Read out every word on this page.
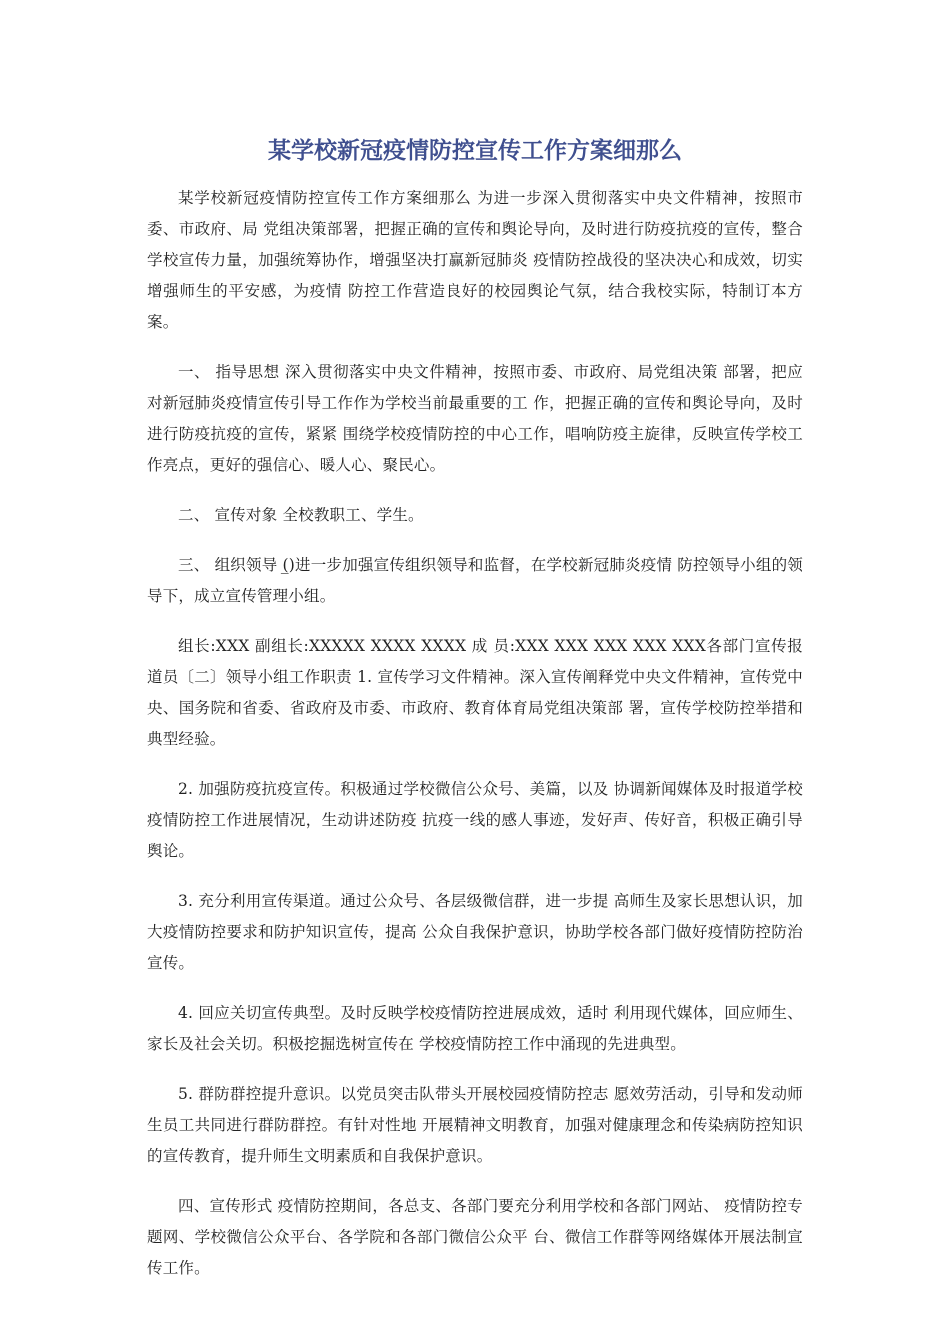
某学校新冠疫情防控宣传工作方案细那么

某学校新冠疫情防控宣传工作方案细那么 为进一步深入贯彻落实中央文件精神，按照市委、市政府、局 党组决策部署，把握正确的宣传和舆论导向，及时进行防疫抗疫的宣传，整合学校宣传力量，加强统筹协作，增强坚决打赢新冠肺炎 疫情防控战役的坚决决心和成效，切实增强师生的平安感，为疫情 防控工作营造良好的校园舆论气氛，结合我校实际，特制订本方案。

一、 指导思想 深入贯彻落实中央文件精神，按照市委、市政府、局党组决策 部署，把应对新冠肺炎疫情宣传引导工作作为学校当前最重要的工 作，把握正确的宣传和舆论导向，及时进行防疫抗疫的宣传，紧紧 围绕学校疫情防控的中心工作，唱响防疫主旋律，反映宣传学校工 作亮点，更好的强信心、暖人心、聚民心。

二、 宣传对象 全校教职工、学生。

三、 组织领导 (̲)进一步加强宣传组织领导和监督，在学校新冠肺炎疫情 防控领导小组的领导下，成立宣传管理小组。

组长:XXX 副组长:XXXXX XXXX XXXX 成 员:XXX XXX XXX XXX XXX各部门宣传报道员〔二〕领导小组工作职责 1. 宣传学习文件精神。深入宣传阐释党中央文件精神，宣传党中央、国务院和省委、省政府及市委、市政府、教育体育局党组决策部 署，宣传学校防控举措和典型经验。

2. 加强防疫抗疫宣传。积极通过学校微信公众号、美篇，以及 协调新闻媒体及时报道学校疫情防控工作进展情况，生动讲述防疫 抗疫一线的感人事迹，发好声、传好音，积极正确引导舆论。

3. 充分利用宣传渠道。通过公众号、各层级微信群，进一步提 高师生及家长思想认识，加大疫情防控要求和防护知识宣传，提高 公众自我保护意识，协助学校各部门做好疫情防控防治宣传。

4. 回应关切宣传典型。及时反映学校疫情防控进展成效，适时 利用现代媒体，回应师生、家长及社会关切。积极挖掘选树宣传在 学校疫情防控工作中涌现的先进典型。

5. 群防群控提升意识。以党员突击队带头开展校园疫情防控志 愿效劳活动，引导和发动师生员工共同进行群防群控。有针对性地 开展精神文明教育，加强对健康理念和传染病防控知识的宣传教育，提升师生文明素质和自我保护意识。

四、宣传形式 疫情防控期间，各总支、各部门要充分利用学校和各部门网站、 疫情防控专题网、学校微信公众平台、各学院和各部门微信公众平 台、微信工作群等网络媒体开展法制宣传工作。
